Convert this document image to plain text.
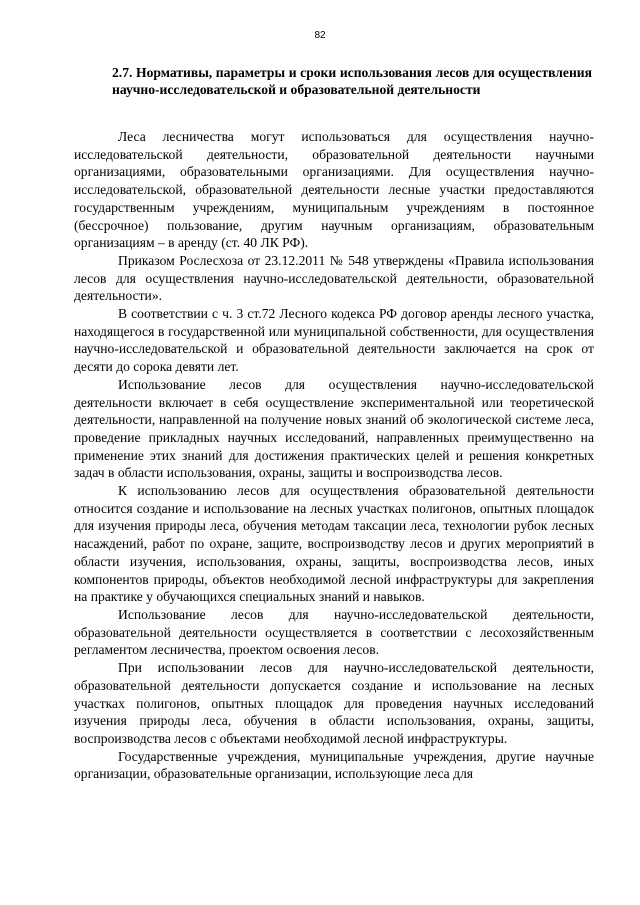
82
2.7. Нормативы, параметры и сроки использования лесов для осуществления научно-исследовательской и образовательной деятельности

Леса лесничества могут использоваться для осуществления научно-исследовательской деятельности, образовательной деятельности научными организациями, образовательными организациями. Для осуществления научно-исследовательской, образовательной деятельности лесные участки предоставляются государственным учреждениям, муниципальным учреждениям в постоянное (бессрочное) пользование, другим научным организациям, образовательным организациям – в аренду (ст. 40 ЛК РФ).

Приказом Рослесхоза от 23.12.2011 № 548 утверждены «Правила использования лесов для осуществления научно-исследовательской деятельности, образовательной деятельности».

В соответствии с ч. 3 ст.72 Лесного кодекса РФ договор аренды лесного участка, находящегося в государственной или муниципальной собственности, для осуществления научно-исследовательской и образовательной деятельности заключается на срок от десяти до сорока девяти лет.

Использование лесов для осуществления научно-исследовательской деятельности включает в себя осуществление экспериментальной или теоретической деятельности, направленной на получение новых знаний об экологической системе леса, проведение прикладных научных исследований, направленных преимущественно на применение этих знаний для достижения практических целей и решения конкретных задач в области использования, охраны, защиты и воспроизводства лесов.

К использованию лесов для осуществления образовательной деятельности относится создание и использование на лесных участках полигонов, опытных площадок для изучения природы леса, обучения методам таксации леса, технологии рубок лесных насаждений, работ по охране, защите, воспроизводству лесов и других мероприятий в области изучения, использования, охраны, защиты, воспроизводства лесов, иных компонентов природы, объектов необходимой лесной инфраструктуры для закрепления на практике у обучающихся специальных знаний и навыков.

Использование лесов для научно-исследовательской деятельности, образовательной деятельности осуществляется в соответствии с лесохозяйственным регламентом лесничества, проектом освоения лесов.

При использовании лесов для научно-исследовательской деятельности, образовательной деятельности допускается создание и использование на лесных участках полигонов, опытных площадок для проведения научных исследований изучения природы леса, обучения в области использования, охраны, защиты, воспроизводства лесов с объектами необходимой лесной инфраструктуры.

Государственные учреждения, муниципальные учреждения, другие научные организации, образовательные организации, использующие леса для
